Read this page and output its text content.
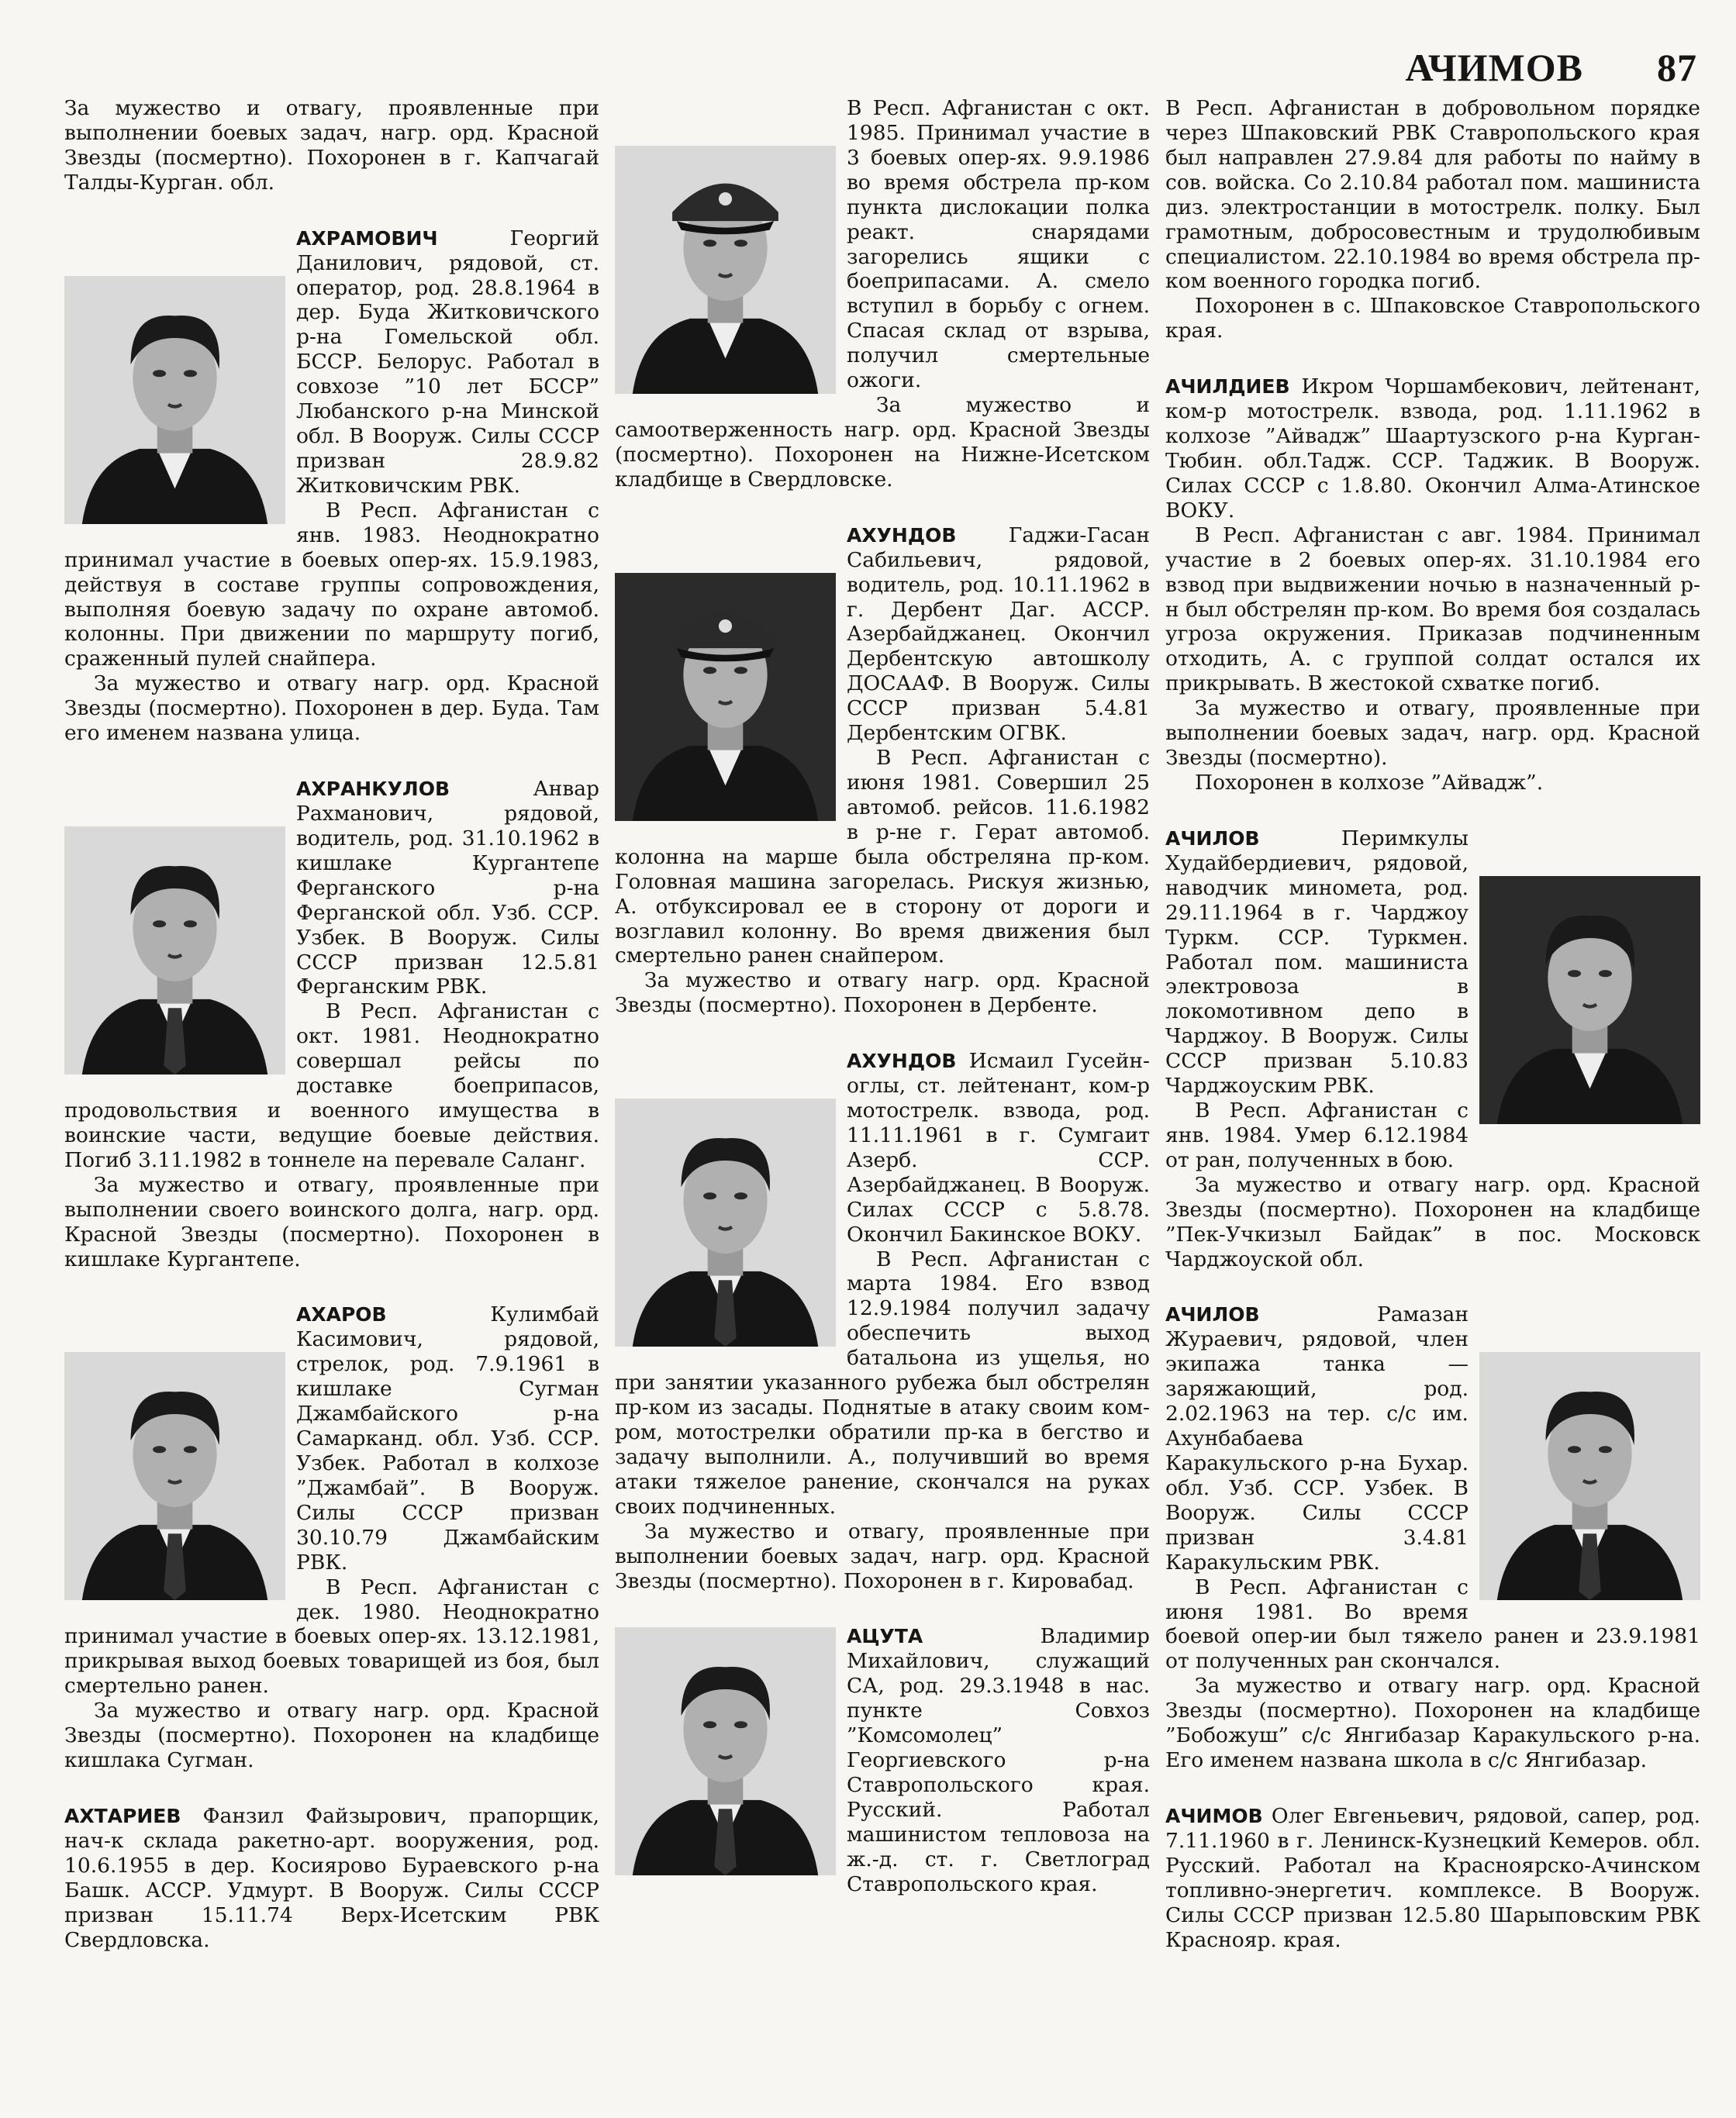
АЧИМОВ 87

За мужество и отвагу, проявленные при выполнении боевых задач, нагр. орд. Красной Звезды (посмертно). Похоронен в г. Капчагай Талды-Курган. обл.

АХРАМОВИЧ Георгий Данилович, рядовой, ст. оператор, род. 28.8.1964 в дер. Буда Житковичского р-на Гомельской обл. БССР. Белорус. Работал в совхозе ”10 лет БССР” Любанского р-на Минской обл. В Вооруж. Силы СССР призван 28.9.82 Житковичским РВК.

В Респ. Афганистан с янв. 1983. Неоднократно принимал участие в боевых опер-ях. 15.9.1983, действуя в составе группы сопровождения, выполняя боевую задачу по охране автомоб. колонны. При движении по маршруту погиб, сраженный пулей снайпера.

За мужество и отвагу нагр. орд. Красной Звезды (посмертно). Похоронен в дер. Буда. Там его именем названа улица.

АХРАНКУЛОВ Анвар Рахманович, рядовой, водитель, род. 31.10.1962 в кишлаке Кургантепе Ферганского р-на Ферганской обл. Узб. ССР. Узбек. В Вооруж. Силы СССР призван 12.5.81 Ферганским РВК.

В Респ. Афганистан с окт. 1981. Неоднократно совершал рейсы по доставке боеприпасов, продовольствия и военного имущества в воинские части, ведущие боевые действия. Погиб 3.11.1982 в тоннеле на перевале Саланг.

За мужество и отвагу, проявленные при выполнении своего воинского долга, нагр. орд. Красной Звезды (посмертно). Похоронен в кишлаке Кургантепе.

АХАРОВ Кулимбай Касимович, рядовой, стрелок, род. 7.9.1961 в кишлаке Сугман Джамбайского р-на Самарканд. обл. Узб. ССР. Узбек. Работал в колхозе ”Джамбай”. В Вооруж. Силы СССР призван 30.10.79 Джамбайским РВК.

В Респ. Афганистан с дек. 1980. Неоднократно принимал участие в боевых опер-ях. 13.12.1981, прикрывая выход боевых товарищей из боя, был смертельно ранен.

За мужество и отвагу нагр. орд. Красной Звезды (посмертно). Похоронен на кладбище кишлака Сугман.

АХТАРИЕВ Фанзил Файзырович, прапорщик, нач-к склада ракетно-арт. вооружения, род. 10.6.1955 в дер. Косиярово Бураевского р-на Башк. АССР. Удмурт. В Вооруж. Силы СССР призван 15.11.74 Верх-Исетским РВК Свердловска.

В Респ. Афганистан с окт. 1985. Принимал участие в 3 боевых опер-ях. 9.9.1986 во время обстрела пр-ком пункта дислокации полка реакт. снарядами загорелись ящики с боеприпасами. А. смело вступил в борьбу с огнем. Спасая склад от взрыва, получил смертельные ожоги.

За мужество и самоотверженность нагр. орд. Красной Звезды (посмертно). Похоронен на Нижне-Исетском кладбище в Свердловске.

АХУНДОВ Гаджи-Гасан Сабильевич, рядовой, водитель, род. 10.11.1962 в г. Дербент Даг. АССР. Азербайджанец. Окончил Дербентскую автошколу ДОСААФ. В Вооруж. Силы СССР призван 5.4.81 Дербентским ОГВК.

В Респ. Афганистан с июня 1981. Совершил 25 автомоб. рейсов. 11.6.1982 в р-не г. Герат автомоб. колонна на марше была обстреляна пр-ком. Головная машина загорелась. Рискуя жизнью, А. отбуксировал ее в сторону от дороги и возглавил колонну. Во время движения был смертельно ранен снайпером.

За мужество и отвагу нагр. орд. Красной Звезды (посмертно). Похоронен в Дербенте.

АХУНДОВ Исмаил Гусейн-оглы, ст. лейтенант, ком-р мотострелк. взвода, род. 11.11.1961 в г. Сумгаит Азерб. ССР. Азербайджанец. В Вооруж. Силах СССР с 5.8.78. Окончил Бакинское ВОКУ.

В Респ. Афганистан с марта 1984. Его взвод 12.9.1984 получил задачу обеспечить выход батальона из ущелья, но при занятии указанного рубежа был обстрелян пр-ком из засады. Поднятые в атаку своим ком-ром, мотострелки обратили пр-ка в бегство и задачу выполнили. А., получивший во время атаки тяжелое ранение, скончался на руках своих подчиненных.

За мужество и отвагу, проявленные при выполнении боевых задач, нагр. орд. Красной Звезды (посмертно). Похоронен в г. Кировабад.

АЦУТА Владимир Михайлович, служащий СА, род. 29.3.1948 в нас. пункте Совхоз ”Комсомолец” Георгиевского р-на Ставропольского края. Русский. Работал машинистом тепловоза на ж.-д. ст. г. Светлоград Ставропольского края.

В Респ. Афганистан в добровольном порядке через Шпаковский РВК Ставропольского края был направлен 27.9.84 для работы по найму в сов. войска. Со 2.10.84 работал пом. машиниста диз. электростанции в мотострелк. полку. Был грамотным, добросовестным и трудолюбивым специалистом. 22.10.1984 во время обстрела пр-ком военного городка погиб.

Похоронен в с. Шпаковское Ставропольского края.

АЧИЛДИЕВ Икром Чоршамбекович, лейтенант, ком-р мотострелк. взвода, род. 1.11.1962 в колхозе ”Айвадж” Шаартузского р-на Курган-Тюбин. обл.Тадж. ССР. Таджик. В Вооруж. Силах СССР с 1.8.80. Окончил Алма-Атинское ВОКУ.

В Респ. Афганистан с авг. 1984. Принимал участие в 2 боевых опер-ях. 31.10.1984 его взвод при выдвижении ночью в назначенный р-н был обстрелян пр-ком. Во время боя создалась угроза окружения. Приказав подчиненным отходить, А. с группой солдат остался их прикрывать. В жестокой схватке погиб.

За мужество и отвагу, проявленные при выполнении боевых задач, нагр. орд. Красной Звезды (посмертно).

Похоронен в колхозе ”Айвадж”.

АЧИЛОВ Перимкулы Худайбердиевич, рядовой, наводчик миномета, род. 29.11.1964 в г. Чарджоу Туркм. ССР. Туркмен. Работал пом. машиниста электровоза в локомотивном депо в Чарджоу. В Вооруж. Силы СССР призван 5.10.83 Чарджоуским РВК.

В Респ. Афганистан с янв. 1984. Умер 6.12.1984 от ран, полученных в бою.

За мужество и отвагу нагр. орд. Красной Звезды (посмертно). Похоронен на кладбище ”Пек-Учкизыл Байдак” в пос. Московск Чарджоуской обл.

АЧИЛОВ Рамазан Жураевич, рядовой, член экипажа танка — заряжающий, род. 2.02.1963 на тер. с/с им. Ахунбабаева Каракульского р-на Бухар. обл. Узб. ССР. Узбек. В Вооруж. Силы СССР призван 3.4.81 Каракульским РВК.

В Респ. Афганистан с июня 1981. Во время боевой опер-ии был тяжело ранен и 23.9.1981 от полученных ран скончался.

За мужество и отвагу нагр. орд. Красной Звезды (посмертно). Похоронен на кладбище ”Бобожуш” с/с Янгибазар Каракульского р-на. Его именем названа школа в с/с Янгибазар.

АЧИМОВ Олег Евгеньевич, рядовой, сапер, род. 7.11.1960 в г. Ленинск-Кузнецкий Кемеров. обл. Русский. Работал на Красноярско-Ачинском топливно-энергетич. комплексе. В Вооруж. Силы СССР призван 12.5.80 Шарыповским РВК Краснояр. края.
